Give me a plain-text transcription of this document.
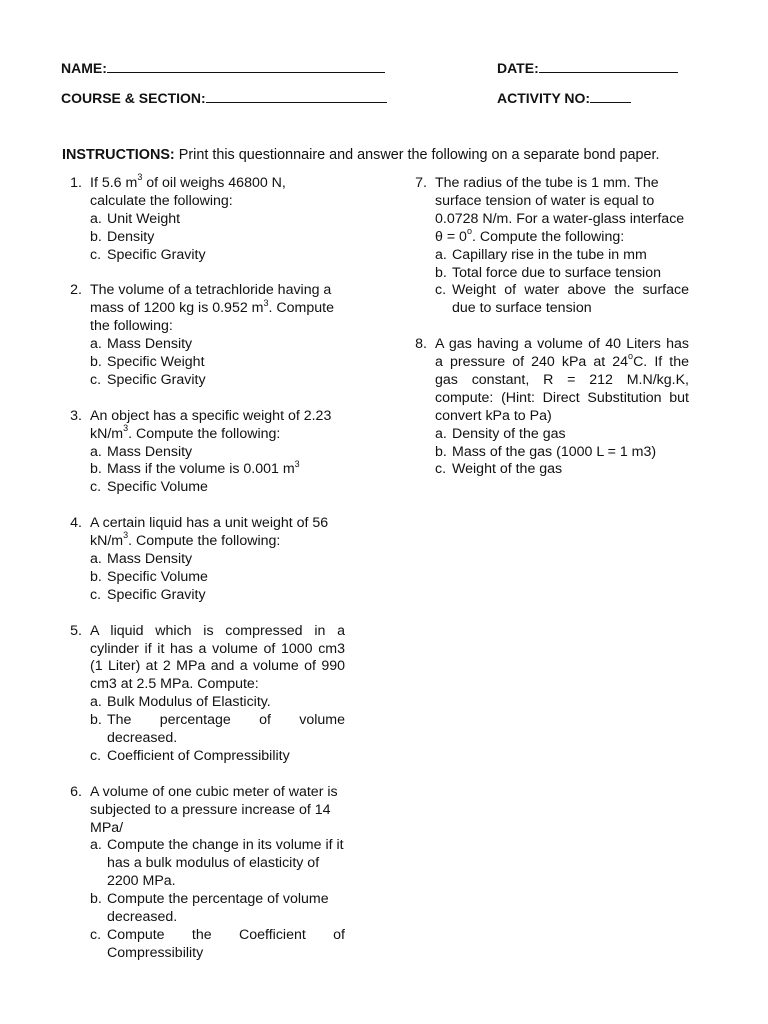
NAME:	DATE:
COURSE & SECTION:	ACTIVITY NO:
INSTRUCTIONS: Print this questionnaire and answer the following on a separate bond paper.
1. If 5.6 $m^3$ of oil weighs 46800 N, calculate the following:
a. Unit Weight
b. Density
c. Specific Gravity
2. The volume of a tetrachloride having a mass of 1200 kg is 0.952 $m^3$. Compute the following:
a. Mass Density
b. Specific Weight
c. Specific Gravity
3. An object has a specific weight of 2.23 $kN/m^3$. Compute the following:
a. Mass Density
b. Mass if the volume is 0.001 $m^3$
c. Specific Volume
4. A certain liquid has a unit weight of 56 $kN/m^3$. Compute the following:
a. Mass Density
b. Specific Volume
c. Specific Gravity
5. A liquid which is compressed in a cylinder if it has a volume of 1000 cm3 (1 Liter) at 2 MPa and a volume of 990 cm3 at 2.5 MPa. Compute:
a. Bulk Modulus of Elasticity.
b. The percentage of volume decreased.
c. Coefficient of Compressibility
6. A volume of one cubic meter of water is subjected to a pressure increase of 14 MPa/
a. Compute the change in its volume if it has a bulk modulus of elasticity of 2200 MPa.
b. Compute the percentage of volume decreased.
c. Compute the Coefficient of Compressibility
7. The radius of the tube is 1 mm. The surface tension of water is equal to 0.0728 N/m. For a water-glass interface $\theta = 0^o$. Compute the following:
a. Capillary rise in the tube in mm
b. Total force due to surface tension
c. Weight of water above the surface due to surface tension
8. A gas having a volume of 40 Liters has a pressure of 240 kPa at 24$^o$C. If the gas constant, R = 212 M.N/kg.K, compute: (Hint: Direct Substitution but convert kPa to Pa)
a. Density of the gas
b. Mass of the gas (1000 L = 1 m3)
c. Weight of the gas
